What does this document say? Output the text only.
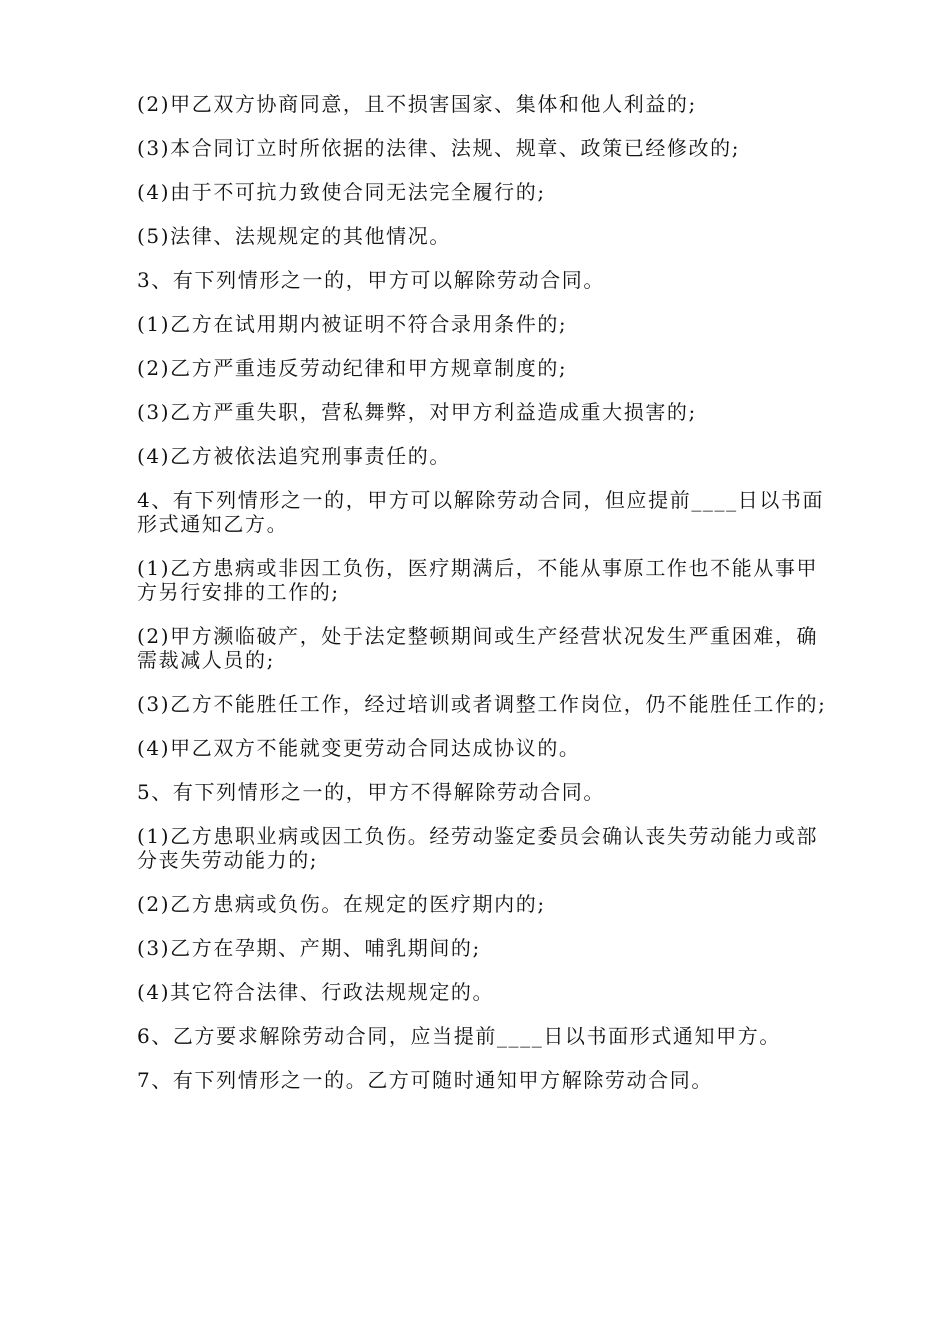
(2)甲乙双方协商同意，且不损害国家、集体和他人利益的;

(3)本合同订立时所依据的法律、法规、规章、政策已经修改的;

(4)由于不可抗力致使合同无法完全履行的;

(5)法律、法规规定的其他情况。

3、有下列情形之一的，甲方可以解除劳动合同。

(1)乙方在试用期内被证明不符合录用条件的;

(2)乙方严重违反劳动纪律和甲方规章制度的;

(3)乙方严重失职，营私舞弊，对甲方利益造成重大损害的;

(4)乙方被依法追究刑事责任的。

4、有下列情形之一的，甲方可以解除劳动合同，但应提前____日以书面形式通知乙方。

(1)乙方患病或非因工负伤，医疗期满后，不能从事原工作也不能从事甲方另行安排的工作的;

(2)甲方濒临破产，处于法定整顿期间或生产经营状况发生严重困难，确需裁减人员的;

(3)乙方不能胜任工作，经过培训或者调整工作岗位，仍不能胜任工作的;

(4)甲乙双方不能就变更劳动合同达成协议的。

5、有下列情形之一的，甲方不得解除劳动合同。

(1)乙方患职业病或因工负伤。经劳动鉴定委员会确认丧失劳动能力或部分丧失劳动能力的;

(2)乙方患病或负伤。在规定的医疗期内的;

(3)乙方在孕期、产期、哺乳期间的;

(4)其它符合法律、行政法规规定的。

6、乙方要求解除劳动合同，应当提前____日以书面形式通知甲方。

7、有下列情形之一的。乙方可随时通知甲方解除劳动合同。
